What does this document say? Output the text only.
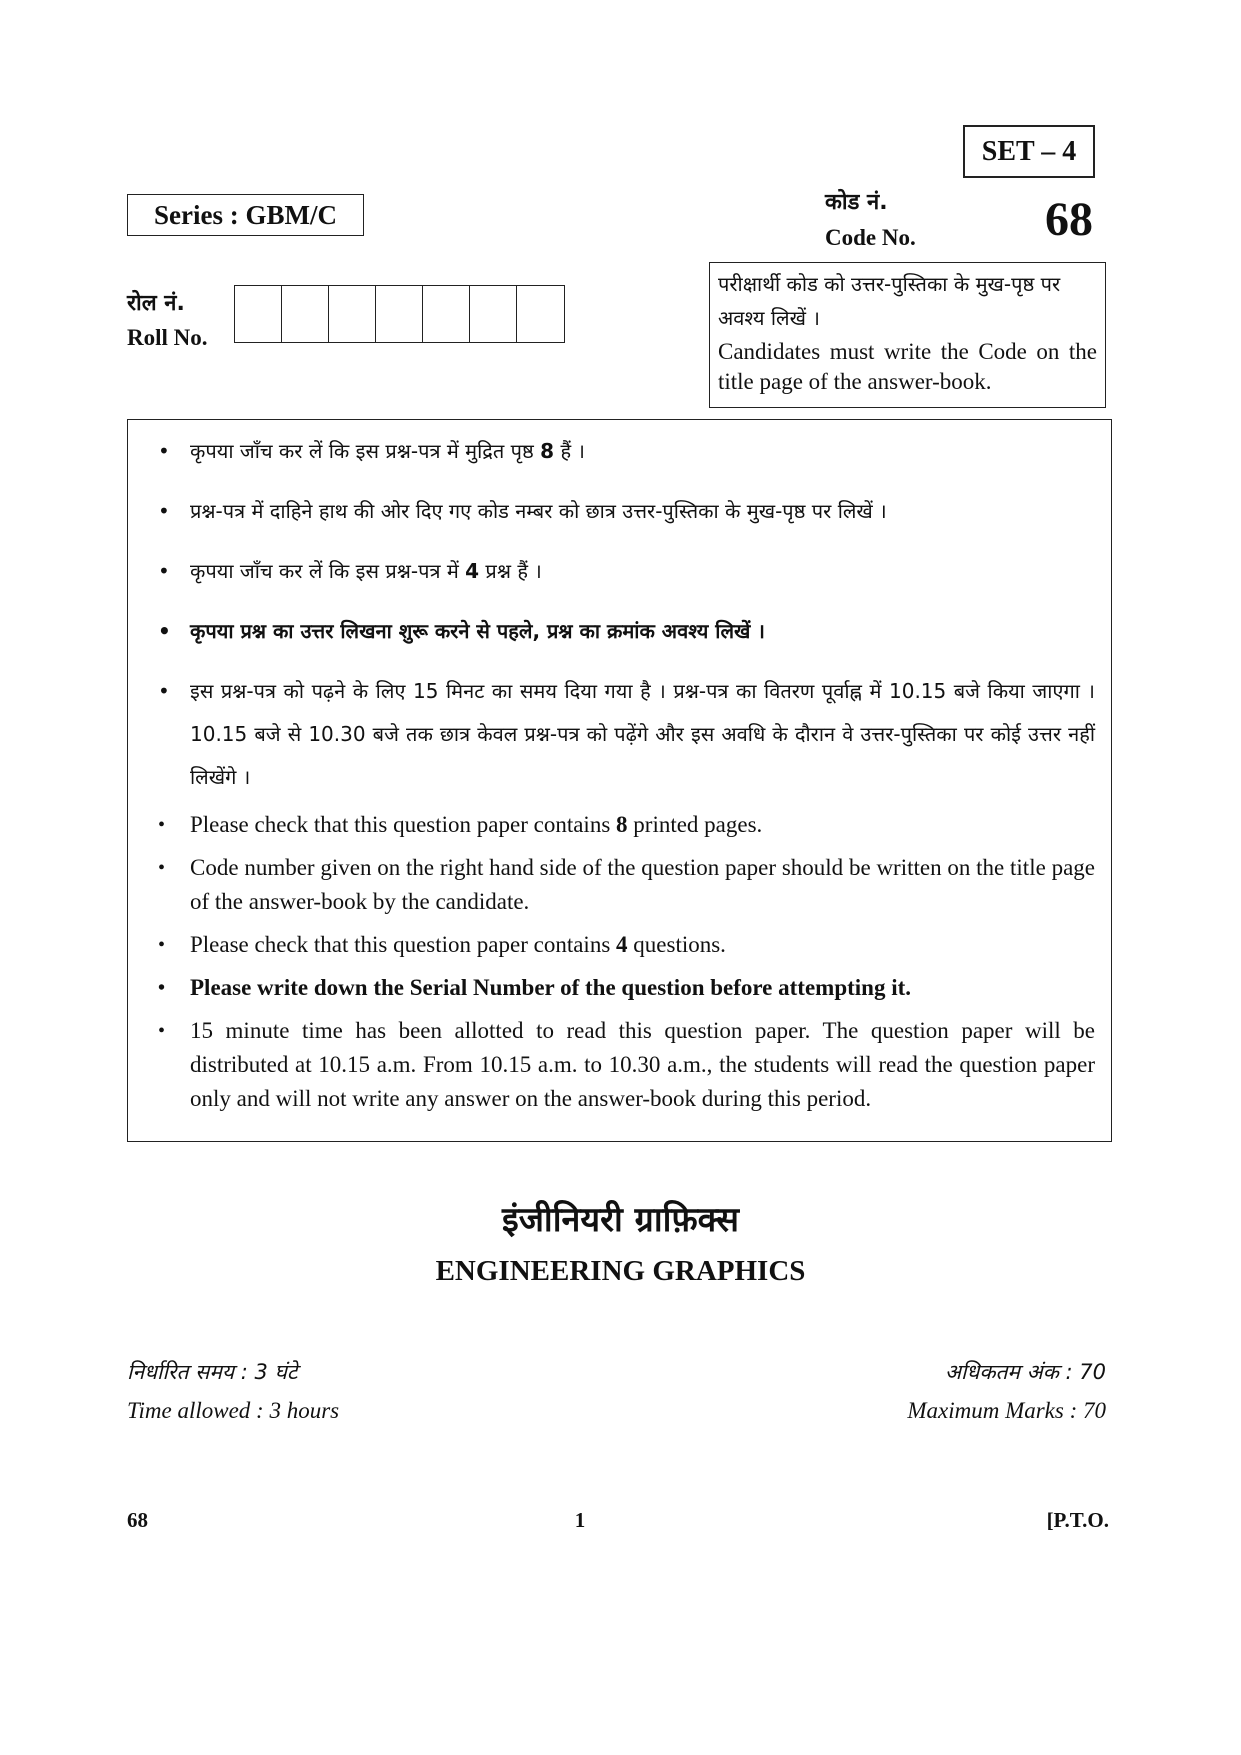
SET – 4
Series : GBM/C	कोड नं.
Code No.	68
रोल नं.
Roll No.
परीक्षार्थी कोड को उत्तर-पुस्तिका के मुख-पृष्ठ पर अवश्य लिखें ।
Candidates must write the Code on the title page of the answer-book.
• कृपया जाँच कर लें कि इस प्रश्न-पत्र में मुद्रित पृष्ठ 8 हैं ।
• प्रश्न-पत्र में दाहिने हाथ की ओर दिए गए कोड नम्बर को छात्र उत्तर-पुस्तिका के मुख-पृष्ठ पर लिखें ।
• कृपया जाँच कर लें कि इस प्रश्न-पत्र में 4 प्रश्न हैं ।
• कृपया प्रश्न का उत्तर लिखना शुरू करने से पहले, प्रश्न का क्रमांक अवश्य लिखें ।
• इस प्रश्न-पत्र को पढ़ने के लिए 15 मिनट का समय दिया गया है । प्रश्न-पत्र का वितरण पूर्वाह्न में 10.15 बजे किया जाएगा । 10.15 बजे से 10.30 बजे तक छात्र केवल प्रश्न-पत्र को पढ़ेंगे और इस अवधि के दौरान वे उत्तर-पुस्तिका पर कोई उत्तर नहीं लिखेंगे ।
• Please check that this question paper contains 8 printed pages.
• Code number given on the right hand side of the question paper should be written on the title page of the answer-book by the candidate.
• Please check that this question paper contains 4 questions.
• Please write down the Serial Number of the question before attempting it.
• 15 minute time has been allotted to read this question paper. The question paper will be distributed at 10.15 a.m. From 10.15 a.m. to 10.30 a.m., the students will read the question paper only and will not write any answer on the answer-book during this period.
इंजीनियरी ग्राफ़िक्स
ENGINEERING GRAPHICS
निर्धारित समय : 3 घंटे
Time allowed : 3 hours
अधिकतम अंक : 70
Maximum Marks : 70
68	1	[P.T.O.
